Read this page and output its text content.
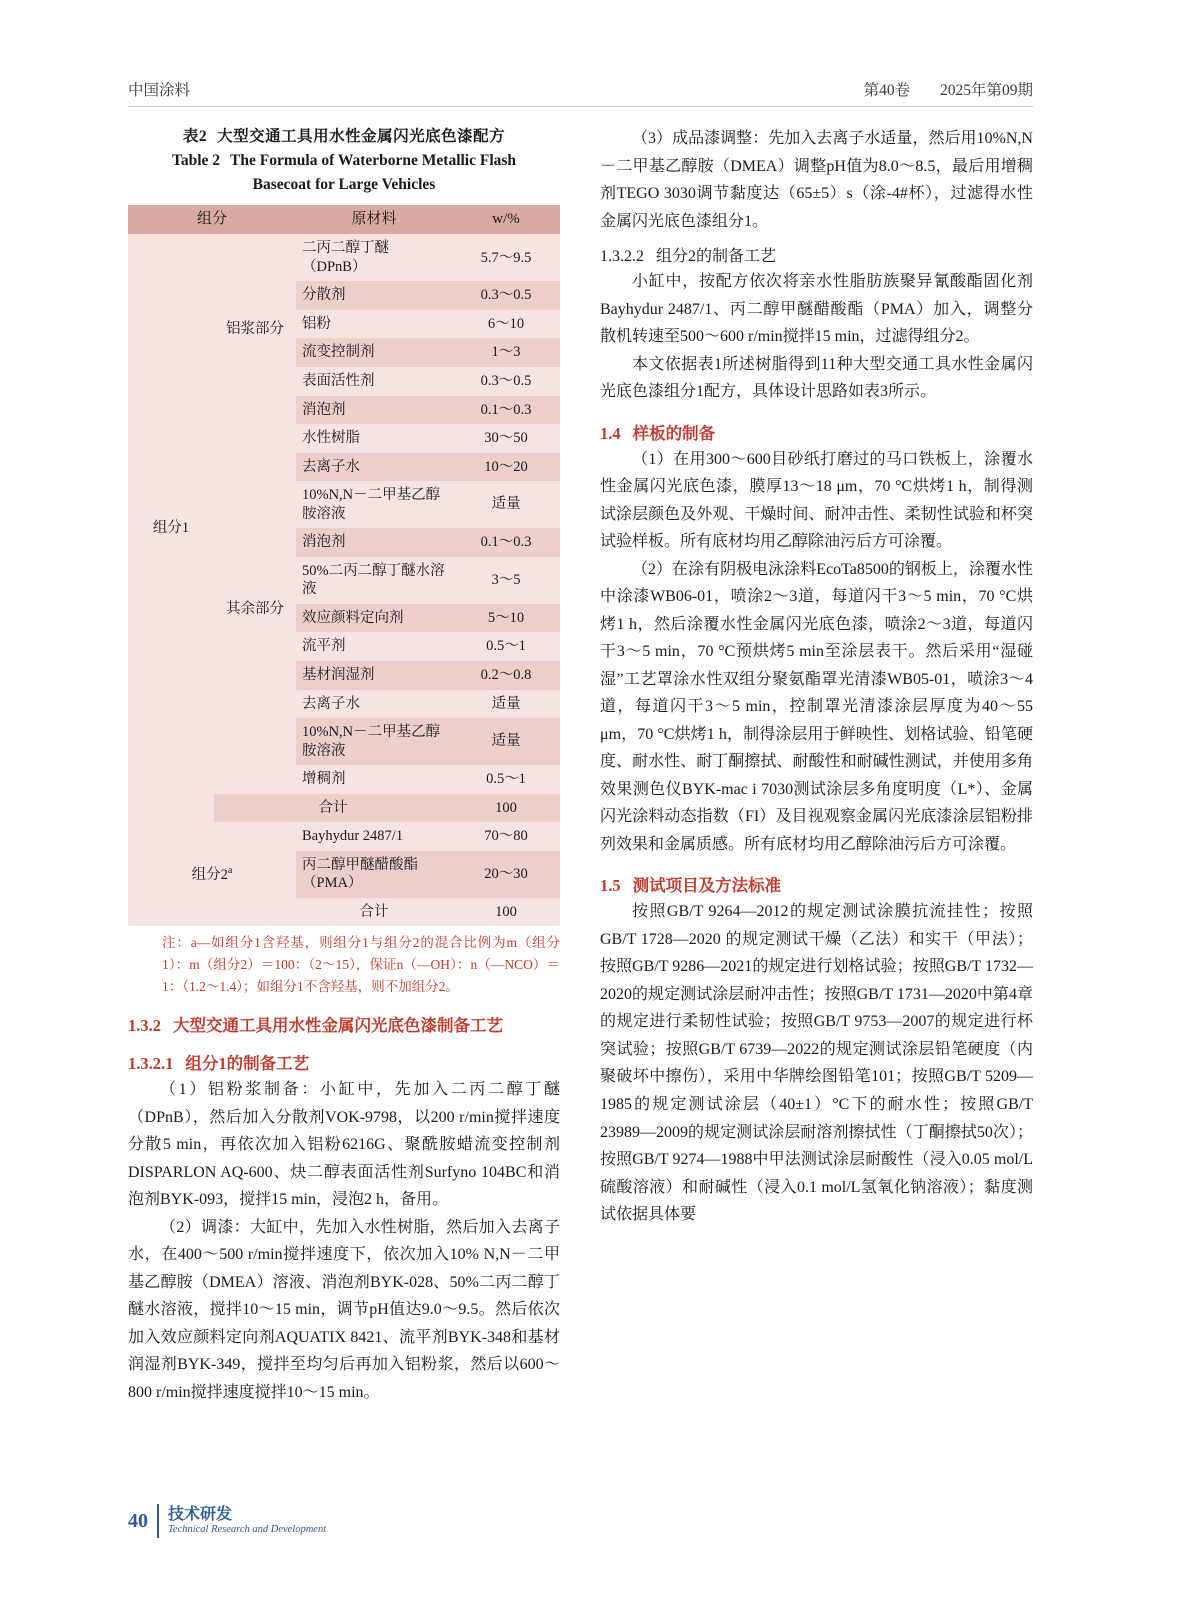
中国涂料	第40卷 2025年第09期
表2 大型交通工具用水性金属闪光底色漆配方
Table 2 The Formula of Waterborne Metallic Flash
Basecoat for Large Vehicles
组分		原材料	w/%
组分1	铝浆部分	二丙二醇丁醚（DPnB）	5.7～9.5
		分散剂	0.3～0.5
		铝粉	6～10
		流变控制剂	1～3
		表面活性剂	0.3～0.5
		消泡剂	0.1～0.3
	其余部分	水性树脂	30～50
		去离子水	10～20
		10%N,N－二甲基乙醇胺溶液	适量
		消泡剂	0.1～0.3
		50%二丙二醇丁醚水溶液	3～5
		效应颜料定向剂	5～10
		流平剂	0.5～1
		基材润湿剂	0.2～0.8
		去离子水	适量
		10%N,N－二甲基乙醇胺溶液	适量
		增稠剂	0.5～1
	合计		100
组分2$^a$		Bayhydur 2487/1	70～80
		丙二醇甲醚醋酸酯（PMA）	20～30
		合计	100
注：a—如组分1含羟基，则组分1与组分2的混合比例为m（组分1）：m（组分2）＝100：（2～15），保证n（—OH）：n（—NCO）＝1：（1.2～1.4）；如组分1不含羟基，则不加组分2。
1.3.2 大型交通工具用水性金属闪光底色漆制备工艺
1.3.2.1 组分1的制备工艺

（1）铝粉浆制备：小缸中，先加入二丙二醇丁醚（DPnB），然后加入分散剂VOK-9798，以200 r/min搅拌速度分散5 min，再依次加入铝粉6216G、聚酰胺蜡流变控制剂DISPARLON AQ-600、炔二醇表面活性剂Surfyno 104BC和消泡剂BYK-093，搅拌15 min，浸泡2 h，备用。

（2）调漆：大缸中，先加入水性树脂，然后加入去离子水，在400～500 r/min搅拌速度下，依次加入10% N,N－二甲基乙醇胺（DMEA）溶液、消泡剂BYK-028、50%二丙二醇丁醚水溶液，搅拌10～15 min，调节pH值达9.0～9.5。然后依次加入效应颜料定向剂AQUATIX 8421、流平剂BYK-348和基材润湿剂BYK-349，搅拌至均匀后再加入铝粉浆，然后以600～800 r/min搅拌速度搅拌10～15 min。

（3）成品漆调整：先加入去离子水适量，然后用10%N,N－二甲基乙醇胺（DMEA）调整pH值为8.0～8.5，最后用增稠剂TEGO 3030调节黏度达（65±5）s（涂-4#杯），过滤得水性金属闪光底色漆组分1。

1.3.2.2 组分2的制备工艺

小缸中，按配方依次将亲水性脂肪族聚异氰酸酯固化剂Bayhydur 2487/1、丙二醇甲醚醋酸酯（PMA）加入，调整分散机转速至500～600 r/min搅拌15 min，过滤得组分2。

本文依据表1所述树脂得到11种大型交通工具水性金属闪光底色漆组分1配方，具体设计思路如表3所示。

1.4 样板的制备

（1）在用300～600目砂纸打磨过的马口铁板上，涂覆水性金属闪光底色漆，膜厚13～18 μm，70 °C烘烤1 h，制得测试涂层颜色及外观、干燥时间、耐冲击性、柔韧性试验和杯突试验样板。所有底材均用乙醇除油污后方可涂覆。

（2）在涂有阴极电泳涂料EcoTa8500的钢板上，涂覆水性中涂漆WB06-01，喷涂2～3道，每道闪干3～5 min，70 °C烘烤1 h，然后涂覆水性金属闪光底色漆，喷涂2～3道，每道闪干3～5 min，70 °C预烘烤5 min至涂层表干。然后采用“湿碰湿”工艺罩涂水性双组分聚氨酯罩光清漆WB05-01，喷涂3～4道，每道闪干3～5 min，控制罩光清漆涂层厚度为40～55 μm，70 °C烘烤1 h，制得涂层用于鲜映性、划格试验、铅笔硬度、耐水性、耐丁酮擦拭、耐酸性和耐碱性测试，并使用多角效果测色仪BYK-mac i 7030测试涂层多角度明度（L*）、金属闪光涂料动态指数（FI）及目视观察金属闪光底漆涂层铝粉排列效果和金属质感。所有底材均用乙醇除油污后方可涂覆。

1.5 测试项目及方法标准

按照GB/T 9264—2012的规定测试涂膜抗流挂性；按照 GB/T 1728—2020 的规定测试干燥（乙法）和实干（甲法）；按照GB/T 9286—2021的规定进行划格试验；按照GB/T 1732—2020的规定测试涂层耐冲击性；按照GB/T 1731—2020中第4章的规定进行柔韧性试验；按照GB/T 9753—2007的规定进行杯突试验；按照GB/T 6739—2022的规定测试涂层铅笔硬度（内聚破坏中擦伤），采用中华牌绘图铅笔101；按照GB/T 5209—1985的规定测试涂层（40±1）°C下的耐水性；按照GB/T 23989—2009的规定测试涂层耐溶剂擦拭性（丁酮擦拭50次）；按照GB/T 9274—1988中甲法测试涂层耐酸性（浸入0.05 mol/L硫酸溶液）和耐碱性（浸入0.1 mol/L氢氧化钠溶液）；黏度测试依据具体要

40 技术研发
Technical Research and Development
